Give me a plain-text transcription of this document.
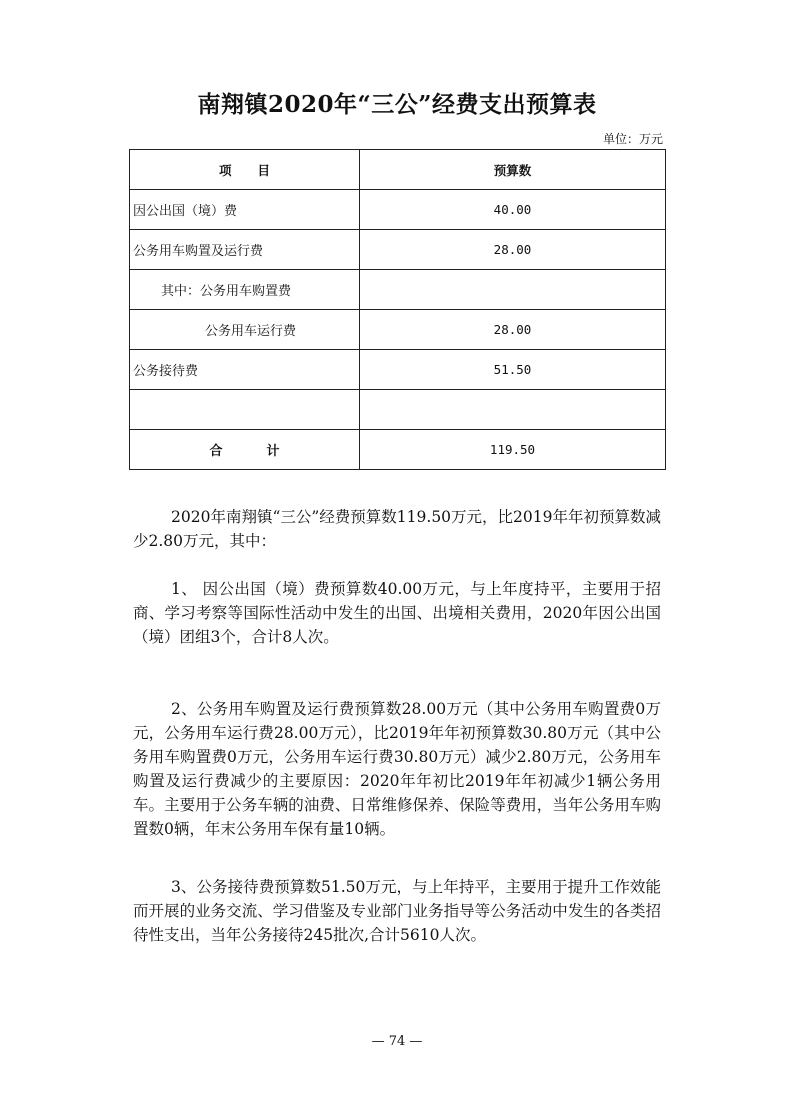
南翔镇2020年“三公”经费支出预算表
单位：万元
项目	预算数
因公出国（境）费	40.00
公务用车购置及运行费	28.00
其中：公务用车购置费	
公务用车运行费	28.00
公务接待费	51.50

合计	119.50

2020年南翔镇“三公”经费预算数119.50万元，比2019年年初预算数减少2.80万元，其中：

1、 因公出国（境）费预算数40.00万元，与上年度持平，主要用于招商、学习考察等国际性活动中发生的出国、出境相关费用，2020年因公出国（境）团组3个，合计8人次。

2、公务用车购置及运行费预算数28.00万元（其中公务用车购置费0万元，公务用车运行费28.00万元），比2019年年初预算数30.80万元（其中公务用车购置费0万元，公务用车运行费30.80万元）减少2.80万元，公务用车购置及运行费减少的主要原因：2020年年初比2019年年初减少1辆公务用车。主要用于公务车辆的油费、日常维修保养、保险等费用，当年公务用车购置数0辆，年末公务用车保有量10辆。

3、公务接待费预算数51.50万元，与上年持平，主要用于提升工作效能而开展的业务交流、学习借鉴及专业部门业务指导等公务活动中发生的各类招待性支出，当年公务接待245批次,合计5610人次。

— 74 —
